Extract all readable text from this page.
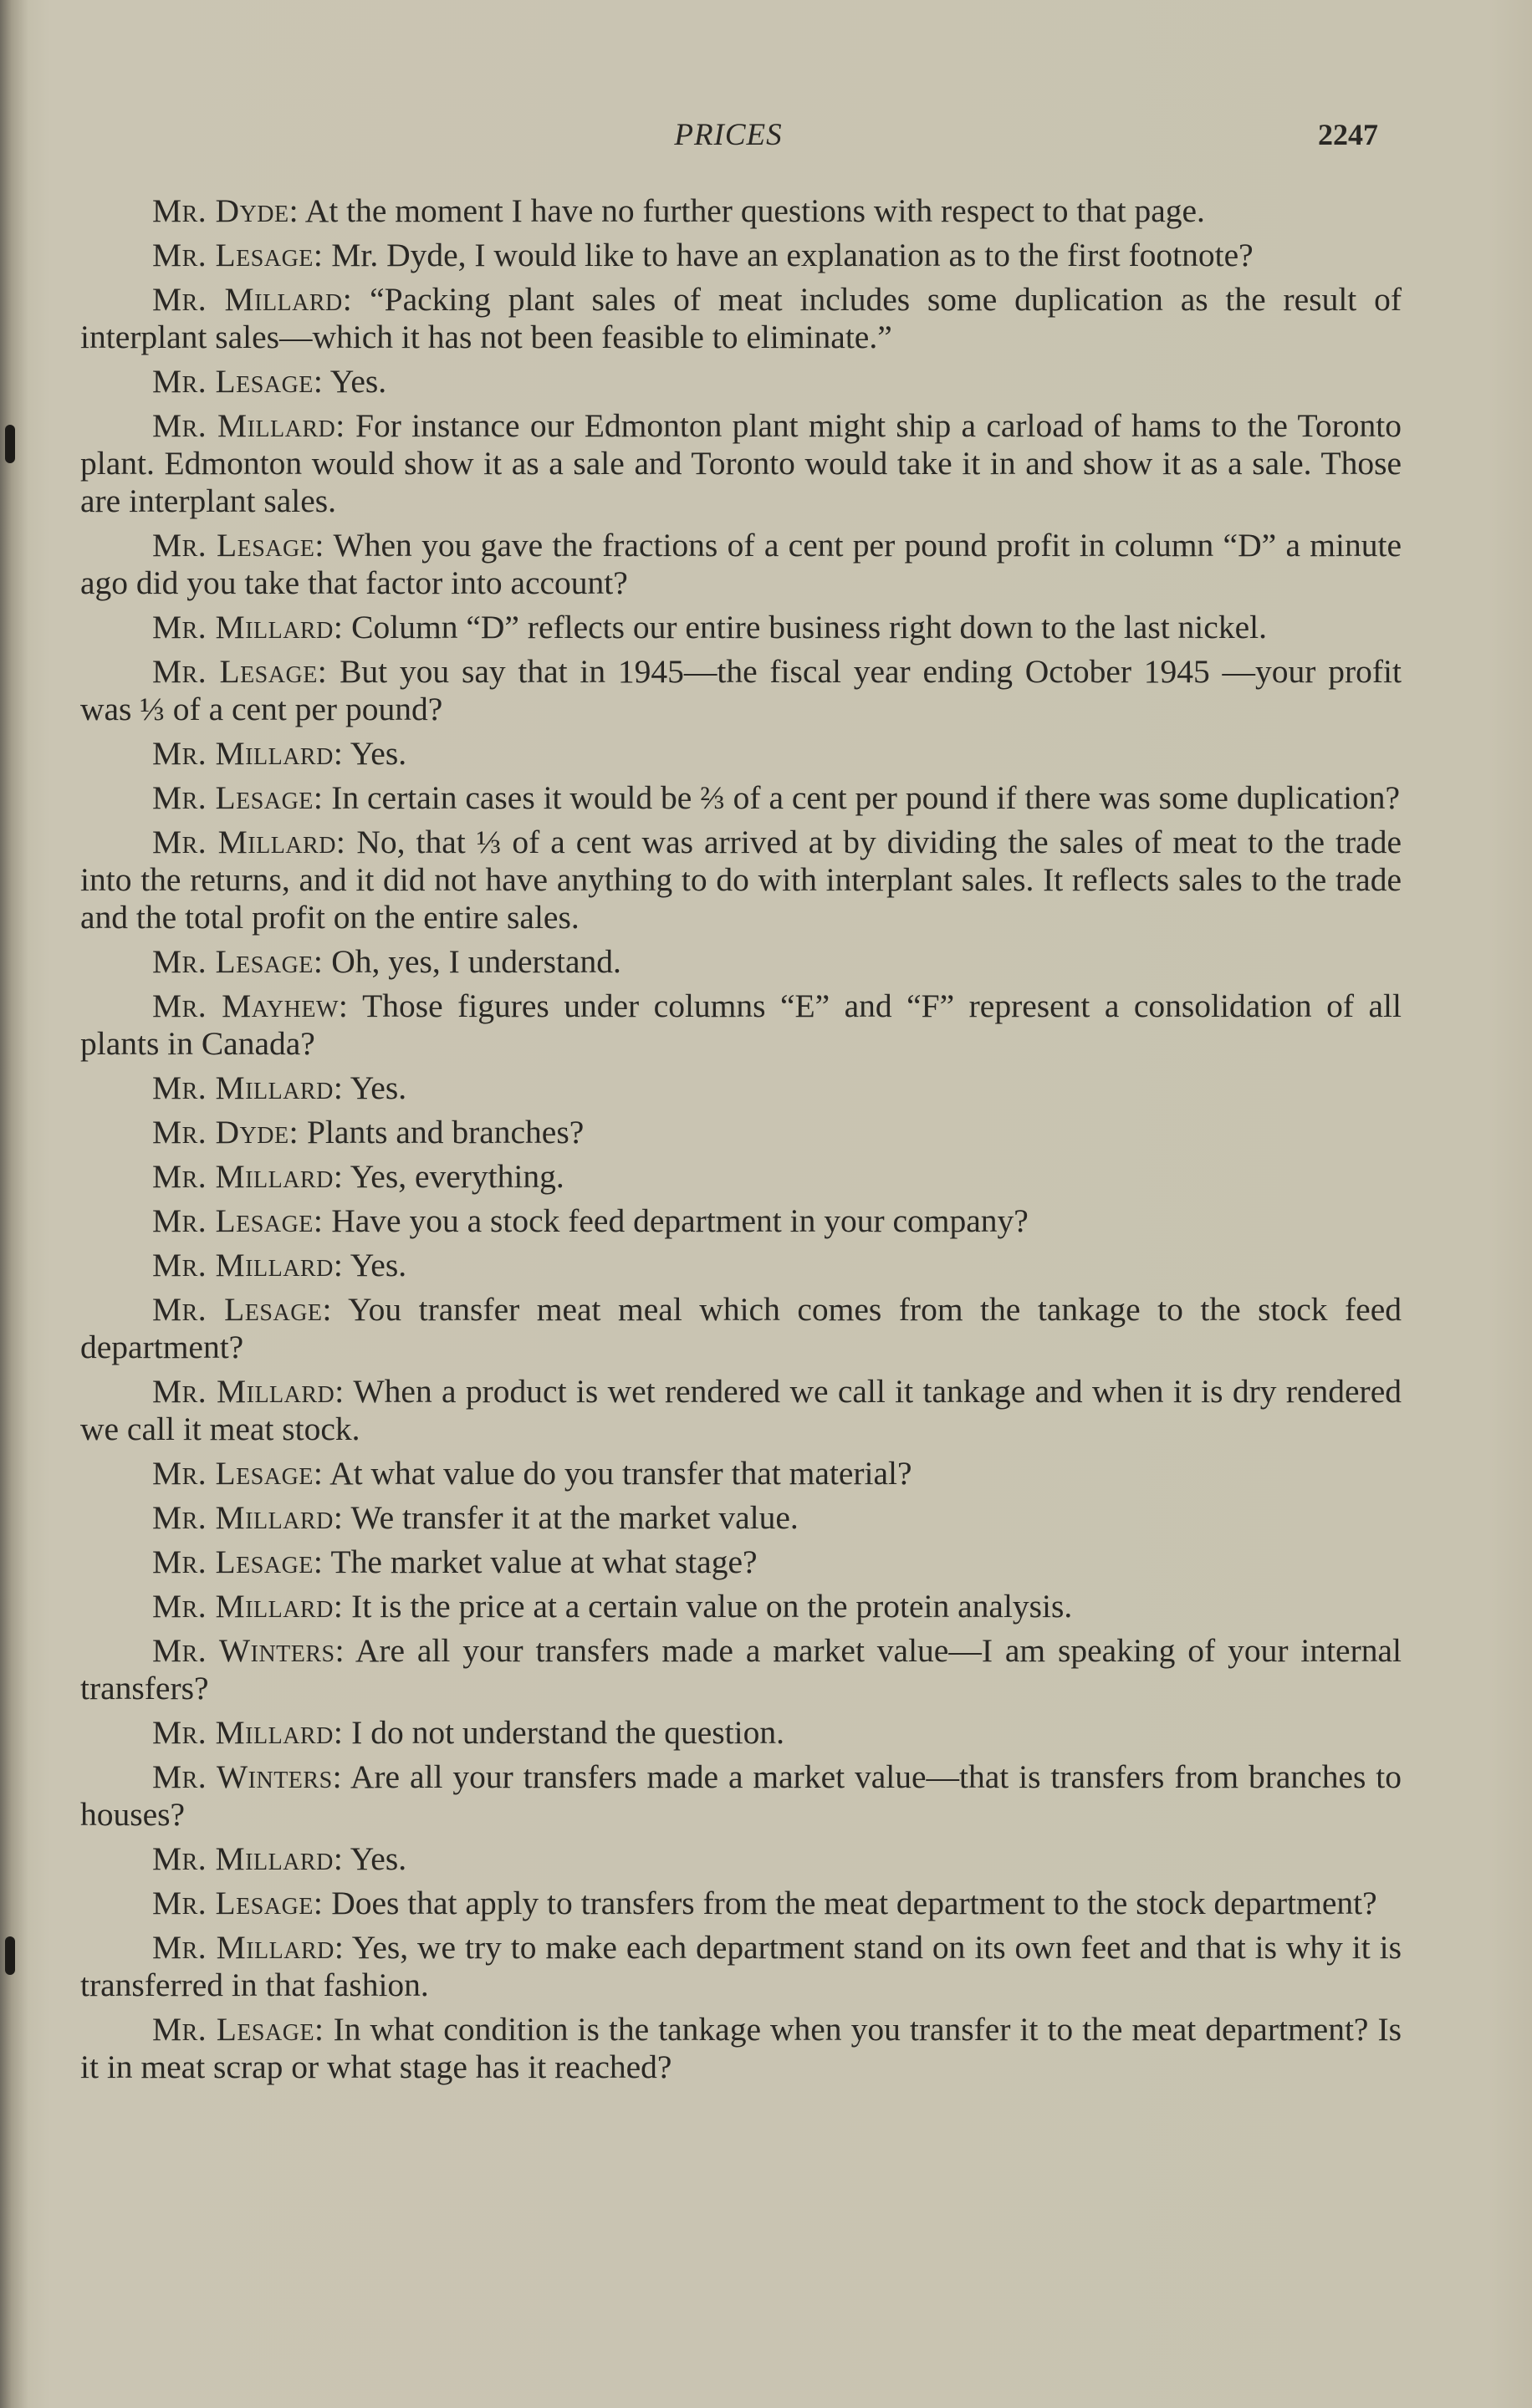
PRICES	2247

Mr. Dyde: At the moment I have no further questions with respect to that page.

Mr. Lesage: Mr. Dyde, I would like to have an explanation as to the first footnote?

Mr. Millard: “Packing plant sales of meat includes some duplication as the result of interplant sales—which it has not been feasible to eliminate.”

Mr. Lesage: Yes.

Mr. Millard: For instance our Edmonton plant might ship a carload of hams to the Toronto plant. Edmonton would show it as a sale and Toronto would take it in and show it as a sale. Those are interplant sales.

Mr. Lesage: When you gave the fractions of a cent per pound profit in column “D” a minute ago did you take that factor into account?

Mr. Millard: Column “D” reflects our entire business right down to the last nickel.

Mr. Lesage: But you say that in 1945—the fiscal year ending October 1945 —your profit was ⅓ of a cent per pound?

Mr. Millard: Yes.

Mr. Lesage: In certain cases it would be ⅔ of a cent per pound if there was some duplication?

Mr. Millard: No, that ⅓ of a cent was arrived at by dividing the sales of meat to the trade into the returns, and it did not have anything to do with interplant sales. It reflects sales to the trade and the total profit on the entire sales.

Mr. Lesage: Oh, yes, I understand.

Mr. Mayhew: Those figures under columns “E” and “F” represent a consolidation of all plants in Canada?

Mr. Millard: Yes.

Mr. Dyde: Plants and branches?

Mr. Millard: Yes, everything.

Mr. Lesage: Have you a stock feed department in your company?

Mr. Millard: Yes.

Mr. Lesage: You transfer meat meal which comes from the tankage to the stock feed department?

Mr. Millard: When a product is wet rendered we call it tankage and when it is dry rendered we call it meat stock.

Mr. Lesage: At what value do you transfer that material?

Mr. Millard: We transfer it at the market value.

Mr. Lesage: The market value at what stage?

Mr. Millard: It is the price at a certain value on the protein analysis.

Mr. Winters: Are all your transfers made a market value—I am speaking of your internal transfers?

Mr. Millard: I do not understand the question.

Mr. Winters: Are all your transfers made a market value—that is transfers from branches to houses?

Mr. Millard: Yes.

Mr. Lesage: Does that apply to transfers from the meat department to the stock department?

Mr. Millard: Yes, we try to make each department stand on its own feet and that is why it is transferred in that fashion.

Mr. Lesage: In what condition is the tankage when you transfer it to the meat department? Is it in meat scrap or what stage has it reached?
